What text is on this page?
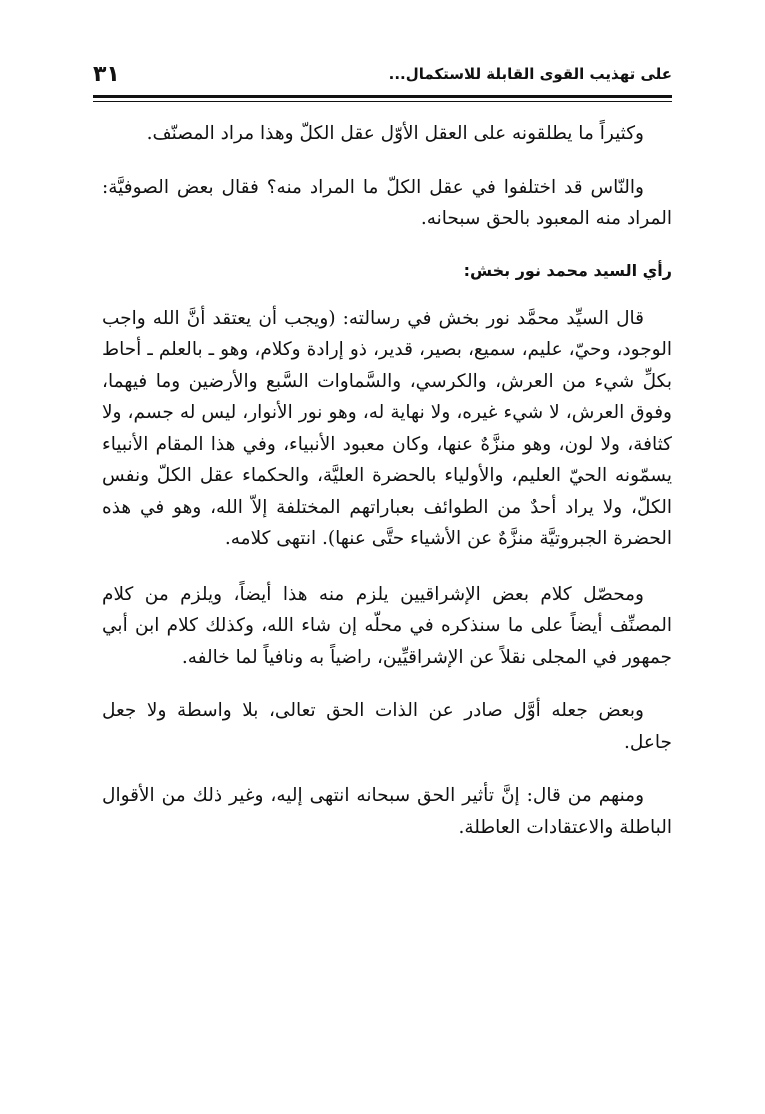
على تهذيب القوى القابلة للاستكمال...
٣١

وكثيراً ما يطلقونه على العقل الأوّل عقل الكلّ وهذا مراد المصنّف.

والنّاس قد اختلفوا في عقل الكلّ ما المراد منه؟ فقال بعض الصوفيَّة: المراد منه المعبود بالحق سبحانه.

رأي السيد محمد نور بخش:

قال السيِّد محمَّد نور بخش في رسالته: (ويجب أن يعتقد أنَّ الله واجب الوجود، وحيّ، عليم، سميع، بصير، قدير، ذو إرادة وكلام، وهو ـ بالعلم ـ أحاط بكلِّ شيء من العرش، والكرسي، والسَّماوات السَّبع والأرضين وما فيهما، وفوق العرش، لا شيء غيره، ولا نهاية له، وهو نور الأنوار، ليس له جسم، ولا كثافة، ولا لون، وهو منزَّهٌ عنها، وكان معبود الأنبياء، وفي هذا المقام الأنبياء يسمّونه الحيّ العليم، والأولياء بالحضرة العليَّة، والحكماء عقل الكلّ ونفس الكلّ، ولا يراد أحدٌ من الطوائف بعباراتهم المختلفة إلاّ الله، وهو في هذه الحضرة الجبروتيَّة منزَّهٌ عن الأشياء حتَّى عنها). انتهى كلامه.

ومحصّل كلام بعض الإشراقيين يلزم منه هذا أيضاً، ويلزم من كلام المصنِّف أيضاً على ما سنذكره في محلّه إن شاء الله، وكذلك كلام ابن أبي جمهور في المجلى نقلاً عن الإشراقيِّين، راضياً به ونافياً لما خالفه.

وبعض جعله أوَّل صادر عن الذات الحق تعالى، بلا واسطة ولا جعل جاعل.

ومنهم من قال: إنَّ تأثير الحق سبحانه انتهى إليه، وغير ذلك من الأقوال الباطلة والاعتقادات العاطلة.
